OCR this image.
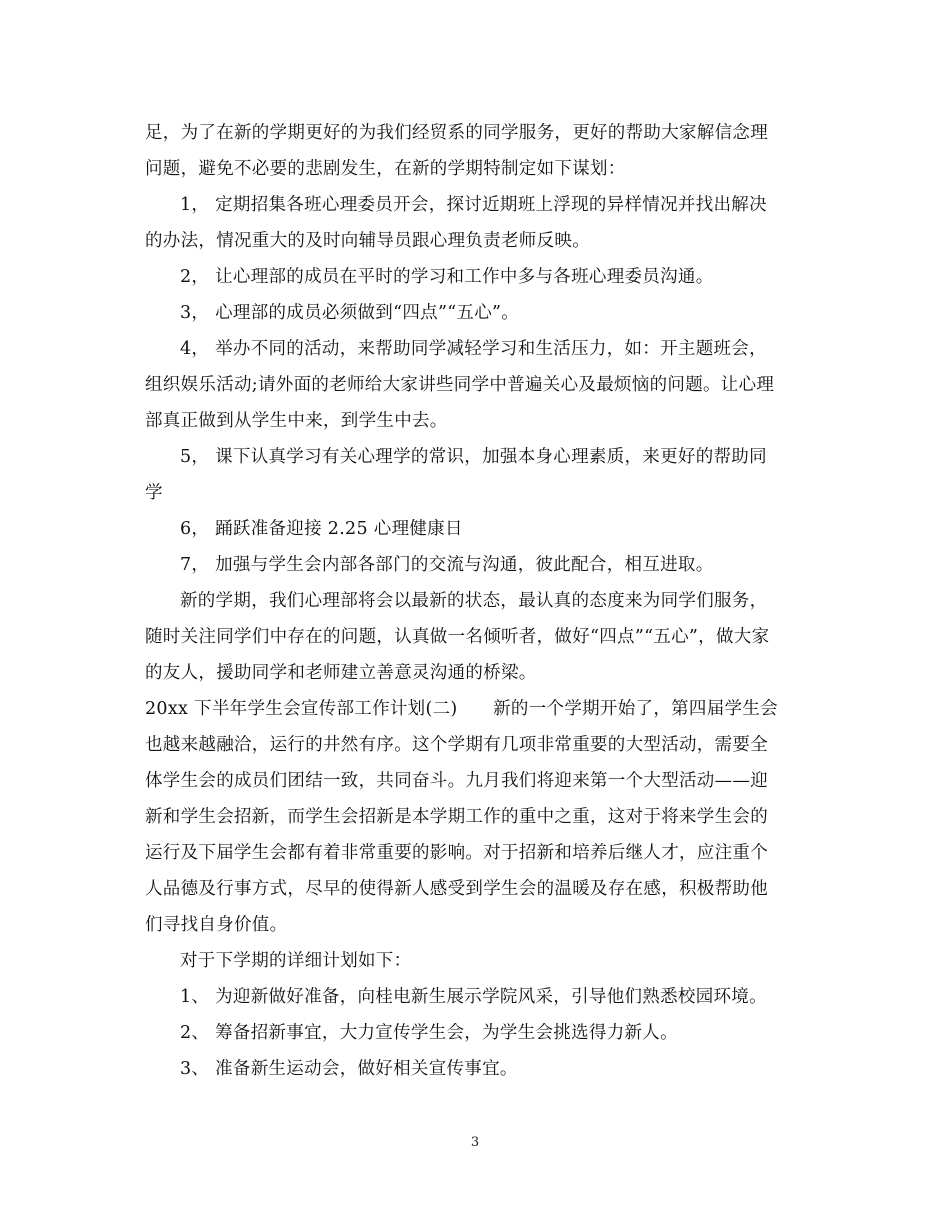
足，为了在新的学期更好的为我们经贸系的同学服务，更好的帮助大家解信念理
问题，避免不必要的悲剧发生，在新的学期特制定如下谋划：
1， 定期招集各班心理委员开会，探讨近期班上浮现的异样情况并找出解决
的办法，情况重大的及时向辅导员跟心理负责老师反映。
2， 让心理部的成员在平时的学习和工作中多与各班心理委员沟通。
3， 心理部的成员必须做到“四点”“五心”。
4， 举办不同的活动，来帮助同学减轻学习和生活压力，如：开主题班会，
组织娱乐活动;请外面的老师给大家讲些同学中普遍关心及最烦恼的问题。让心理
部真正做到从学生中来，到学生中去。
5， 课下认真学习有关心理学的常识，加强本身心理素质，来更好的帮助同
学
6， 踊跃准备迎接 2.25 心理健康日
7， 加强与学生会内部各部门的交流与沟通，彼此配合，相互进取。
新的学期，我们心理部将会以最新的状态，最认真的态度来为同学们服务，
随时关注同学们中存在的问题，认真做一名倾听者，做好“四点”“五心”，做大家
的友人，援助同学和老师建立善意灵沟通的桥梁。
20xx 下半年学生会宣传部工作计划(二)　　新的一个学期开始了，第四届学生会
也越来越融洽，运行的井然有序。这个学期有几项非常重要的大型活动，需要全
体学生会的成员们团结一致，共同奋斗。九月我们将迎来第一个大型活动——迎
新和学生会招新，而学生会招新是本学期工作的重中之重，这对于将来学生会的
运行及下届学生会都有着非常重要的影响。对于招新和培养后继人才，应注重个
人品德及行事方式，尽早的使得新人感受到学生会的温暖及存在感，积极帮助他
们寻找自身价值。
对于下学期的详细计划如下：
1、 为迎新做好准备，向桂电新生展示学院风采，引导他们熟悉校园环境。
2、 筹备招新事宜，大力宣传学生会，为学生会挑选得力新人。
3、 准备新生运动会，做好相关宣传事宜。
3
